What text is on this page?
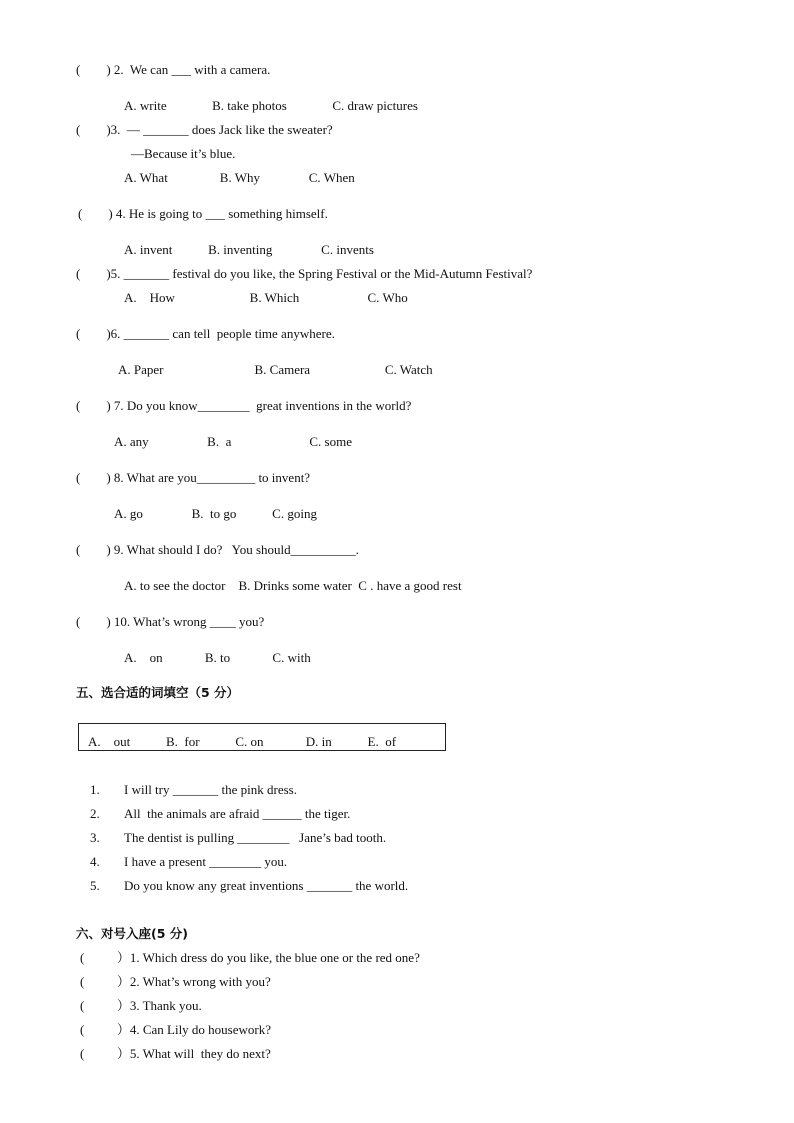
(        ) 2.  We can ___ with a camera.
A. write              B. take photos              C. draw pictures
(        )3.  — _______ does Jack like the sweater?
—Because it’s blue.
A. What                B. Why               C. When
(        ) 4. He is going to ___ something himself.
A. invent           B. inventing               C. invents
(        )5. _______ festival do you like, the Spring Festival or the Mid-Autumn Festival?
A.    How                       B. Which                     C. Who
(        )6. _______ can tell  people time anywhere.
A. Paper                            B. Camera                       C. Watch
(        ) 7. Do you know________  great inventions in the world?
A. any                  B.  a                        C. some
(        ) 8. What are you_________ to invent?
A. go               B.  to go           C. going
(        ) 9. What should I do?   You should__________.
A. to see the doctor    B. Drinks some water  C . have a good rest
(        ) 10. What’s wrong ____ you?
A.    on             B. to             C. with
五、选合适的词填空（5 分）
A.    out           B.  for           C. on             D. in           E.  of
1. I will try _______ the pink dress.
2. All  the animals are afraid ______ the tiger.
3. The dentist is pulling ________   Jane’s bad tooth.
4. I have a present ________ you.
5. Do you know any great inventions _______ the world.
六、对号入座(5 分)
(          ）1. Which dress do you like, the blue one or the red one?
(          ）2. What’s wrong with you?
(          ）3. Thank you.
(          ）4. Can Lily do housework?
(          ）5. What will  they do next?
